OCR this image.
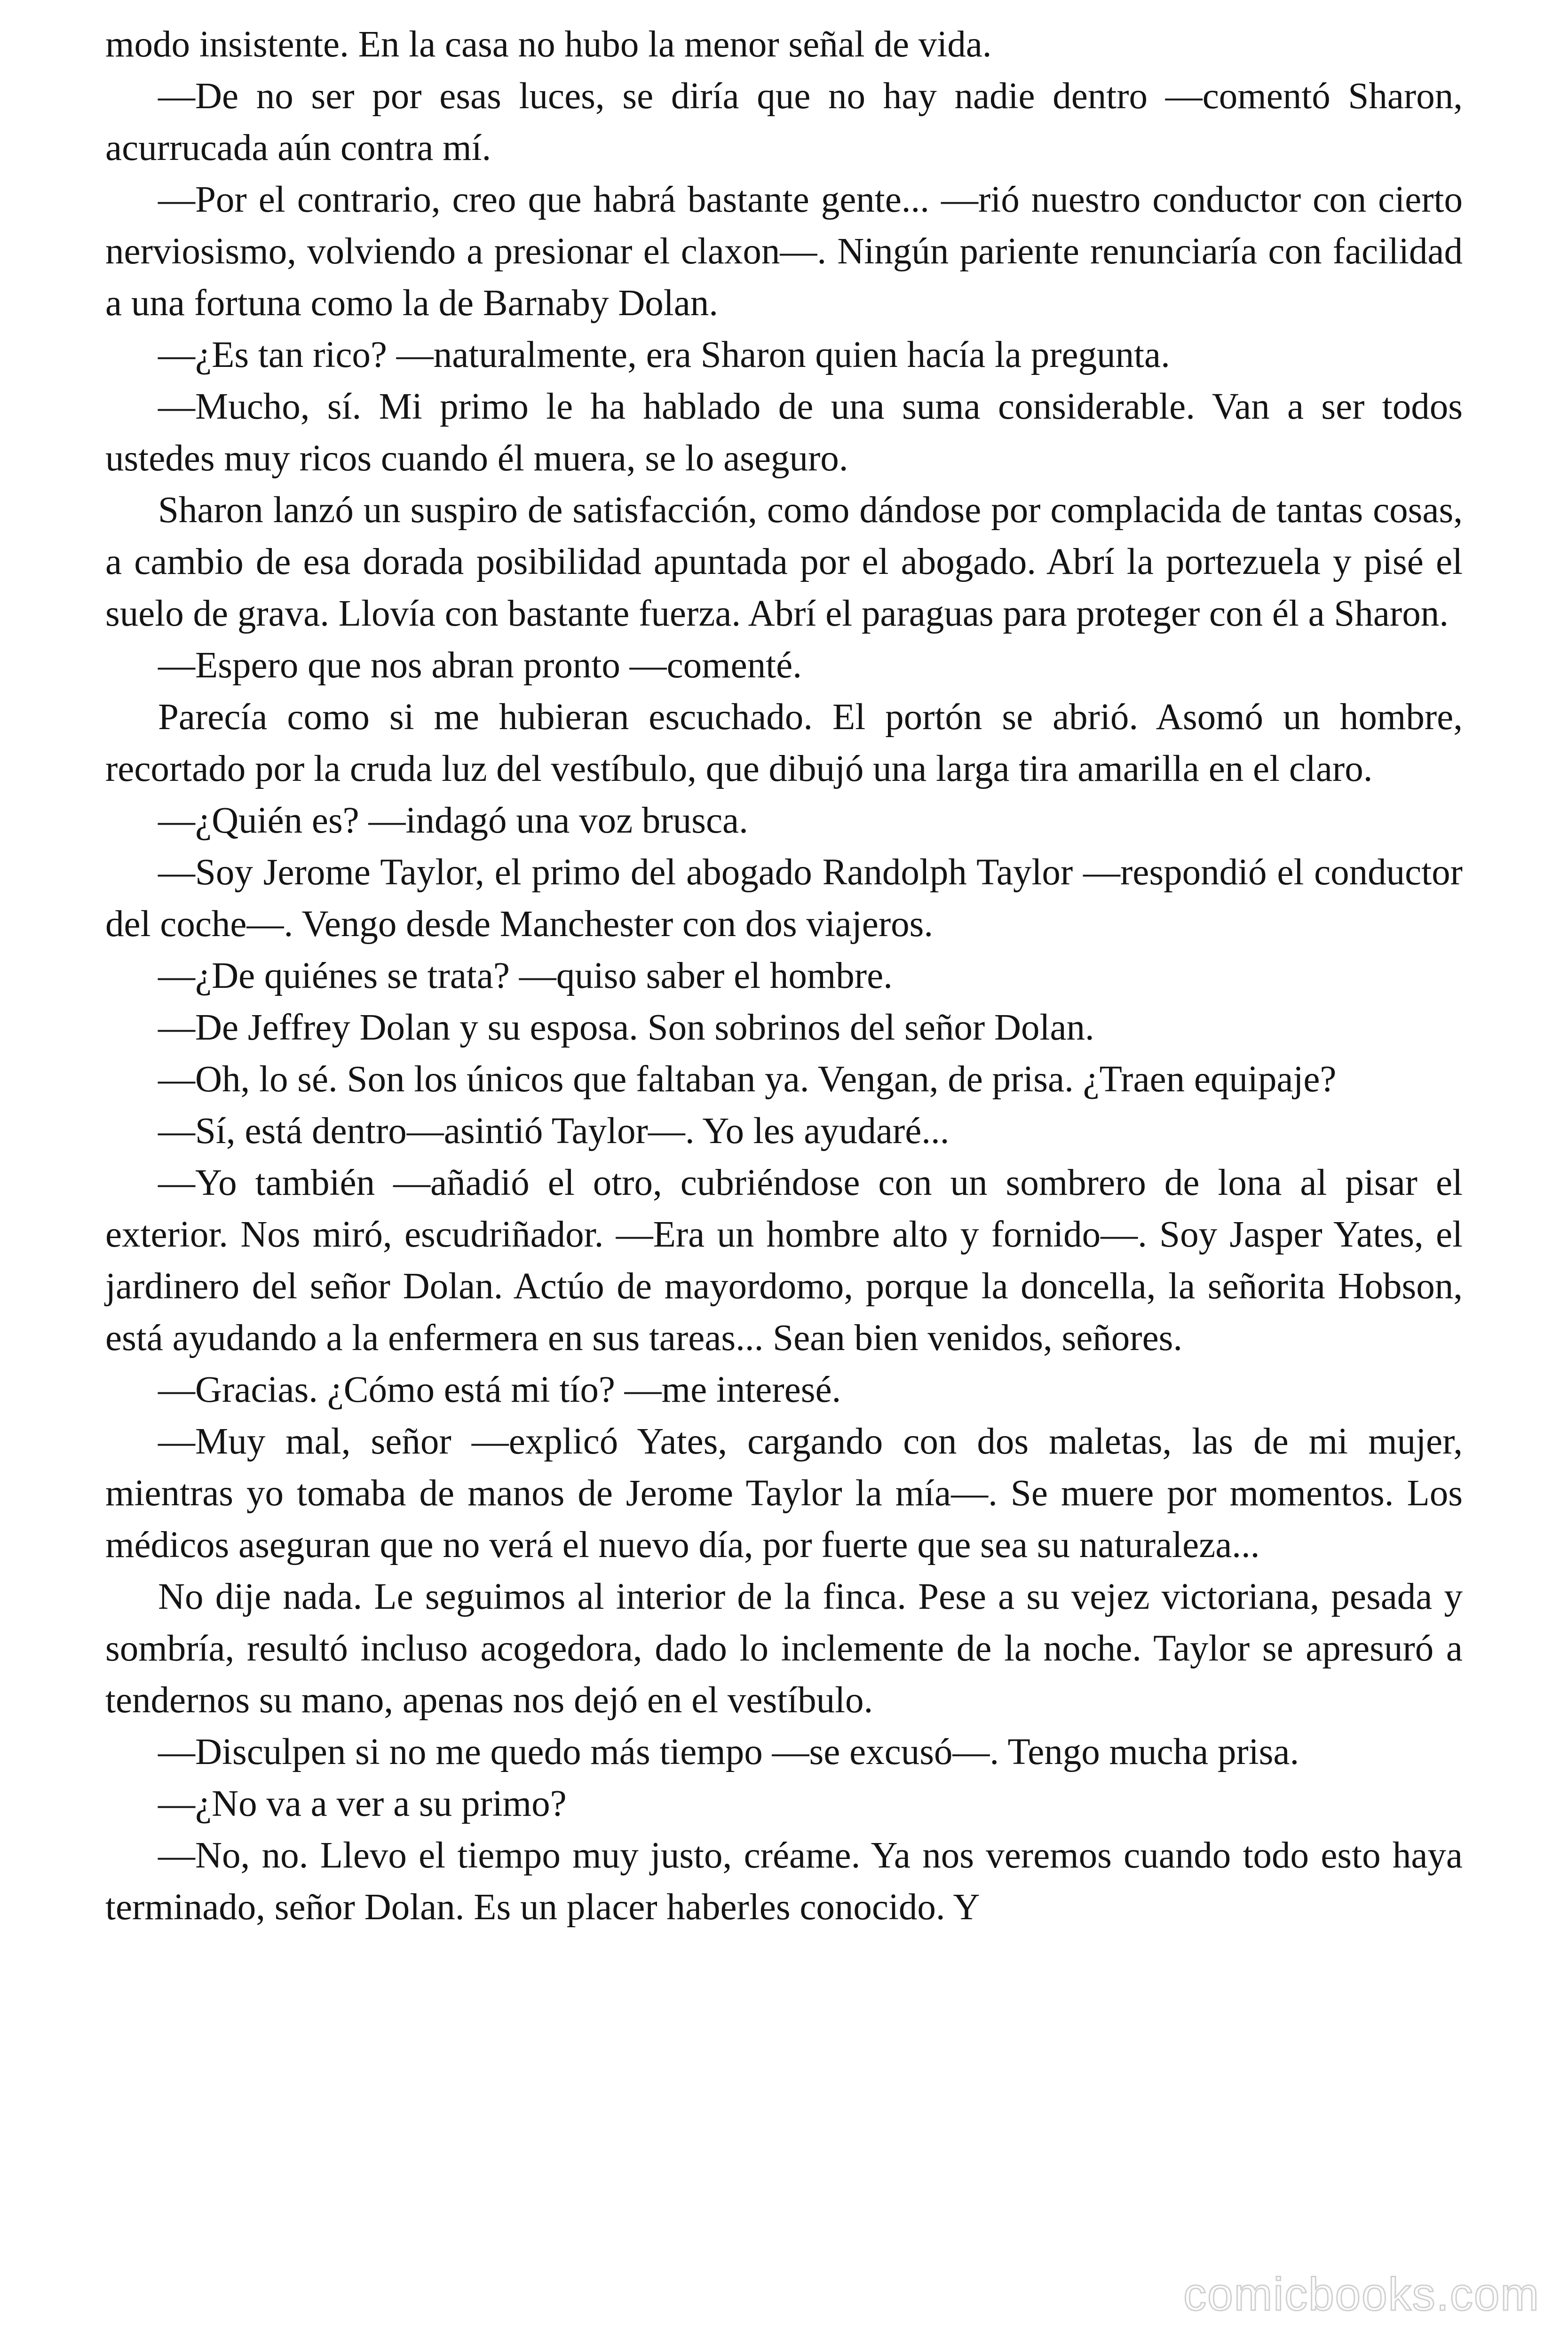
modo insistente. En la casa no hubo la menor señal de vida.

—De no ser por esas luces, se diría que no hay nadie dentro —comentó Sharon, acurrucada aún contra mí.

—Por el contrario, creo que habrá bastante gente... —rió nuestro conductor con cierto nerviosismo, volviendo a presionar el claxon—. Ningún pariente renunciaría con facilidad a una fortuna como la de Barnaby Dolan.

—¿Es tan rico? —naturalmente, era Sharon quien hacía la pregunta.

—Mucho, sí. Mi primo le ha hablado de una suma considerable. Van a ser todos ustedes muy ricos cuando él muera, se lo aseguro.

Sharon lanzó un suspiro de satisfacción, como dándose por complacida de tantas cosas, a cambio de esa dorada posibilidad apuntada por el abogado. Abrí la portezuela y pisé el suelo de grava. Llovía con bastante fuerza. Abrí el paraguas para proteger con él a Sharon.

—Espero que nos abran pronto —comenté.

Parecía como si me hubieran escuchado. El portón se abrió. Asomó un hombre, recortado por la cruda luz del vestíbulo, que dibujó una larga tira amarilla en el claro.

—¿Quién es? —indagó una voz brusca.

—Soy Jerome Taylor, el primo del abogado Randolph Taylor —respondió el conductor del coche—. Vengo desde Manchester con dos viajeros.

—¿De quiénes se trata? —quiso saber el hombre.

—De Jeffrey Dolan y su esposa. Son sobrinos del señor Dolan.

—Oh, lo sé. Son los únicos que faltaban ya. Vengan, de prisa. ¿Traen equipaje?

—Sí, está dentro—asintió Taylor—. Yo les ayudaré...

—Yo también —añadió el otro, cubriéndose con un sombrero de lona al pisar el exterior. Nos miró, escudriñador. —Era un hombre alto y fornido—. Soy Jasper Yates, el jardinero del señor Dolan. Actúo de mayordomo, porque la doncella, la señorita Hobson, está ayudando a la enfermera en sus tareas... Sean bien venidos, señores.

—Gracias. ¿Cómo está mi tío? —me interesé.

—Muy mal, señor —explicó Yates, cargando con dos maletas, las de mi mujer, mientras yo tomaba de manos de Jerome Taylor la mía—. Se muere por momentos. Los médicos aseguran que no verá el nuevo día, por fuerte que sea su naturaleza...

No dije nada. Le seguimos al interior de la finca. Pese a su vejez victoriana, pesada y sombría, resultó incluso acogedora, dado lo inclemente de la noche. Taylor se apresuró a tendernos su mano, apenas nos dejó en el vestíbulo.

—Disculpen si no me quedo más tiempo —se excusó—. Tengo mucha prisa.

—¿No va a ver a su primo?

—No, no. Llevo el tiempo muy justo, créame. Ya nos veremos cuando todo esto haya terminado, señor Dolan. Es un placer haberles conocido. Y

comicbooks.com
